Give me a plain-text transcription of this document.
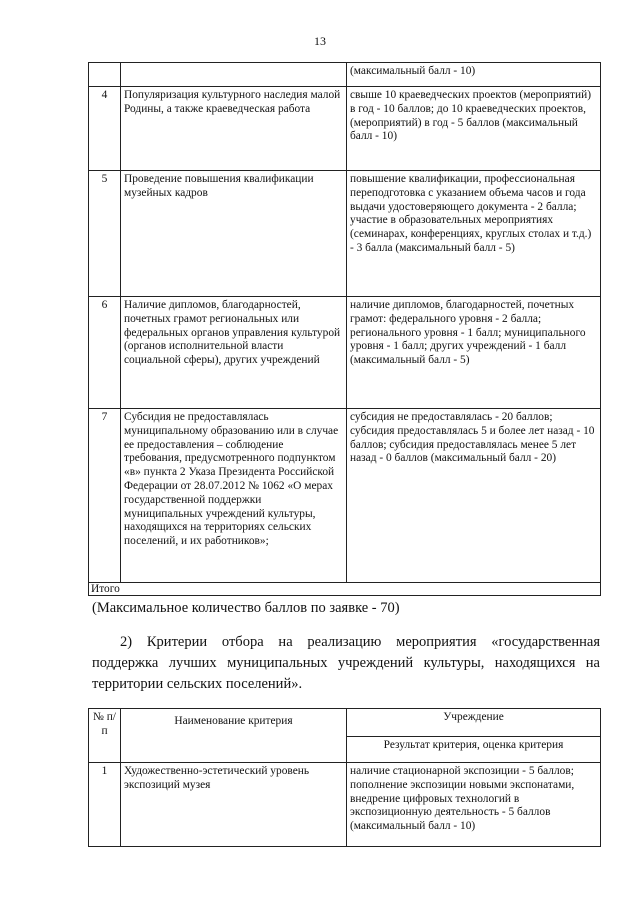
13
		(максимальный балл - 10)
4	Популяризация культурного наследия малой Родины, а также краеведческая работа	свыше 10 краеведческих проектов (мероприятий) в год - 10 баллов; до 10 краеведческих проектов, (мероприятий) в год - 5 баллов (максимальный балл - 10)
5	Проведение повышения квалификации музейных кадров	повышение квалификации, профессиональная переподготовка с указанием объема часов и года выдачи удостоверяющего документа - 2 балла; участие в образовательных мероприятиях (семинарах, конференциях, круглых столах и т.д.) - 3 балла (максимальный балл - 5)
6	Наличие дипломов, благодарностей, почетных грамот региональных или федеральных органов управления культурой (органов исполнительной власти социальной сферы), других учреждений	наличие дипломов, благодарностей, почетных грамот: федерального уровня - 2 балла; регионального уровня - 1 балл; муниципального уровня - 1 балл; других учреждений - 1 балл (максимальный балл - 5)
7	Субсидия не предоставлялась муниципальному образованию или в случае ее предоставления – соблюдение требования, предусмотренного подпунктом «в» пункта 2 Указа Президента Российской Федерации от 28.07.2012 № 1062 «О мерах государственной поддержки муниципальных учреждений культуры, находящихся на территориях сельских поселений, и их работников»;	субсидия не предоставлялась - 20 баллов; субсидия предоставлялась 5 и более лет назад - 10 баллов; субсидия предоставлялась менее 5 лет назад - 0 баллов (максимальный балл - 20)
Итого		
(Максимальное количество баллов по заявке - 70)
2) Критерии отбора на реализацию мероприятия «государственная поддержка лучших муниципальных учреждений культуры, находящихся на территории сельских поселений».
№ п/п	Наименование критерия	Учреждение
		Результат критерия, оценка критерия
1	Художественно-эстетический уровень экспозиций музея	наличие стационарной экспозиции - 5 баллов; пополнение экспозиции новыми экспонатами, внедрение цифровых технологий в экспозиционную деятельность - 5 баллов (максимальный балл - 10)
